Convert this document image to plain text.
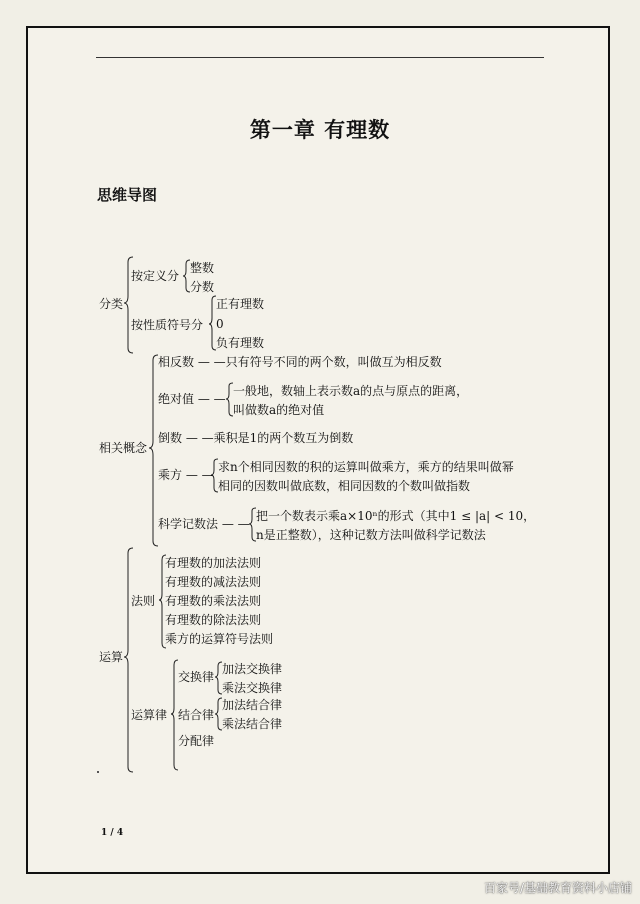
第一章 有理数
思维导图
分类
按定义分
整数
分数
按性质符号分
正有理数
0
负有理数
相关概念
相反数 — —只有符号不同的两个数，叫做互为相反数
绝对值 — —
一般地，数轴上表示数a的点与原点的距离，
叫做数a的绝对值
倒数 — —乘积是1的两个数互为倒数
乘方 — —
求n个相同因数的积的运算叫做乘方，乘方的结果叫做幂
相同的因数叫做底数，相同因数的个数叫做指数
科学记数法 — —
把一个数表示乘a×10ⁿ的形式（其中1 ≤ |a| < 10，
n是正整数），这种记数方法叫做科学记数法
运算
法则
有理数的加法法则
有理数的减法法则
有理数的乘法法则
有理数的除法法则
乘方的运算符号法则
运算律
交换律
加法交换律
乘法交换律
结合律
加法结合律
乘法结合律
分配律
1 / 4
百家号/基础教育资料小店铺
